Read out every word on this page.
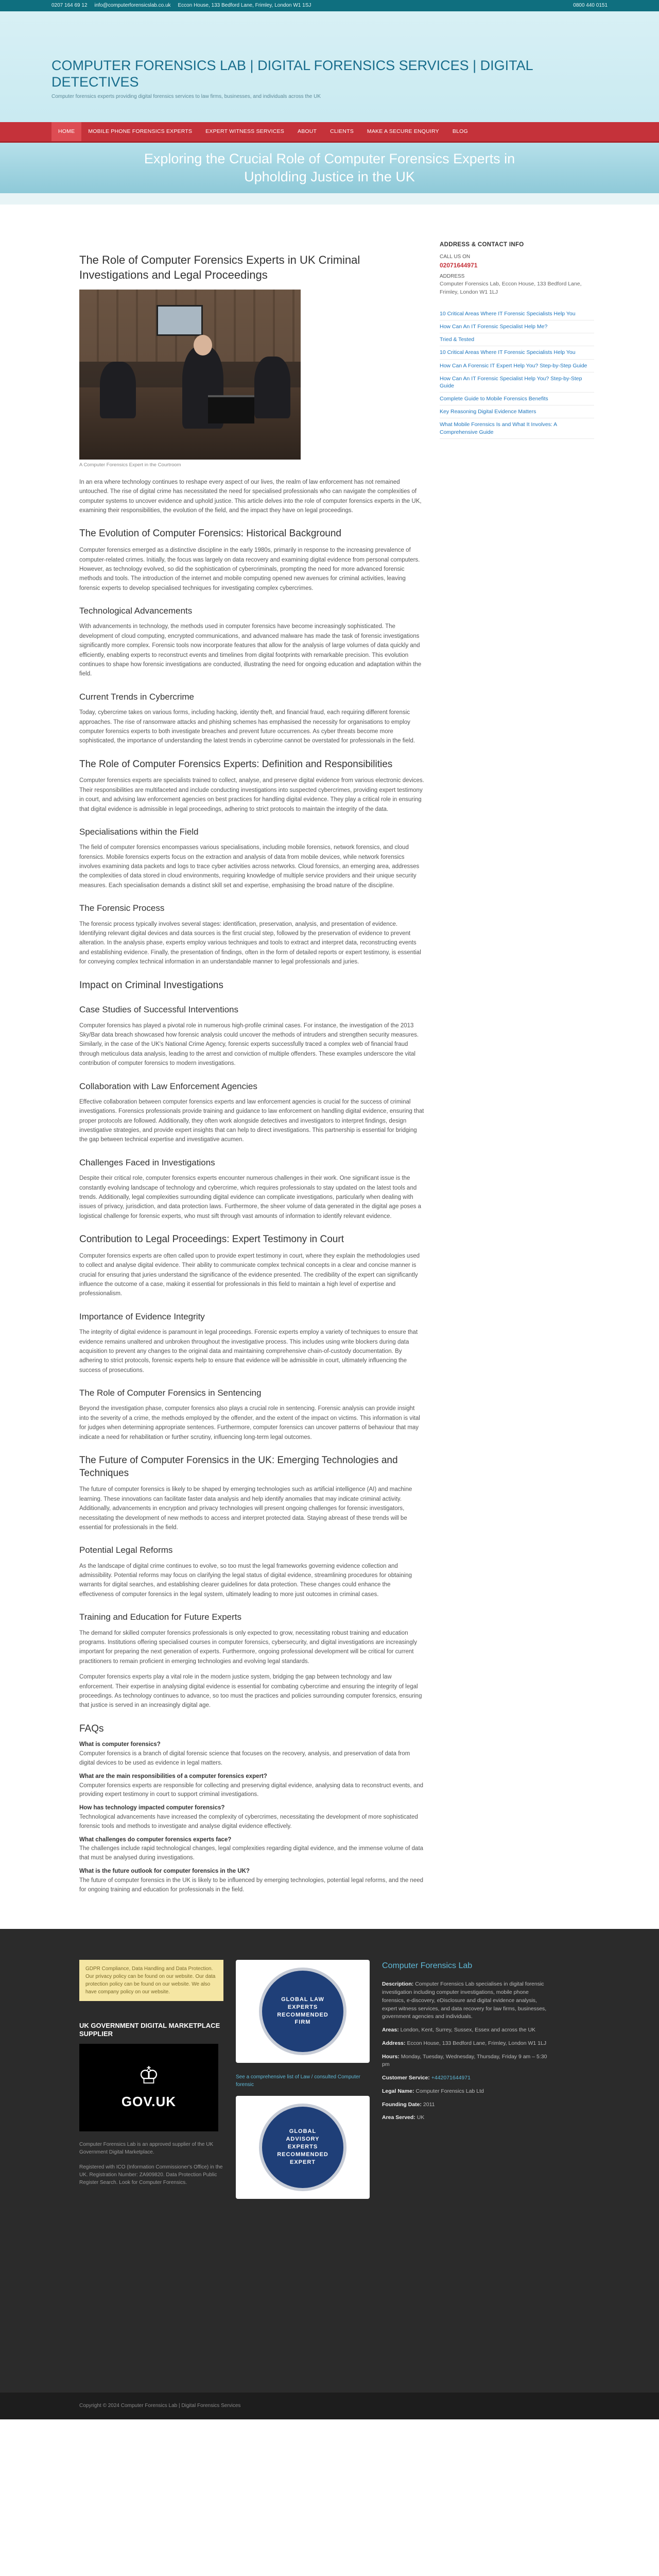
0207 164 69 12 info@computerforensicslab.co.uk Eccon House, 133 Bedford Lane, Frimley, London W1 1SJ	0800 440 0151
COMPUTER FORENSICS LAB | DIGITAL FORENSICS SERVICES | DIGITAL DETECTIVES
Computer forensics experts providing digital forensics services to law firms, businesses, and individuals across the UK
HOME	MOBILE PHONE FORENSICS EXPERTS	EXPERT WITNESS SERVICES	ABOUT	CLIENTS	MAKE A SECURE ENQUIRY	BLOG
Exploring the Crucial Role of Computer Forensics Experts in Upholding Justice in the UK
The Role of Computer Forensics Experts in UK Criminal Investigations and Legal Proceedings
A Computer Forensics Expert in the Courtroom

In an era where technology continues to reshape every aspect of our lives, the realm of law enforcement has not remained untouched. The rise of digital crime has necessitated the need for specialised professionals who can navigate the complexities of computer systems to uncover evidence and uphold justice. This article delves into the role of computer forensics experts in the UK, examining their responsibilities, the evolution of the field, and the impact they have on legal proceedings.

The Evolution of Computer Forensics: Historical Background

Computer forensics emerged as a distinctive discipline in the early 1980s, primarily in response to the increasing prevalence of computer-related crimes. Initially, the focus was largely on data recovery and examining digital evidence from personal computers. However, as technology evolved, so did the sophistication of cybercriminals, prompting the need for more advanced forensic methods and tools. The introduction of the internet and mobile computing opened new avenues for criminal activities, leaving forensic experts to develop specialised techniques for investigating complex cybercrimes.

Technological Advancements

With advancements in technology, the methods used in computer forensics have become increasingly sophisticated. The development of cloud computing, encrypted communications, and advanced malware has made the task of forensic investigations significantly more complex. Forensic tools now incorporate features that allow for the analysis of large volumes of data quickly and efficiently, enabling experts to reconstruct events and timelines from digital footprints with remarkable precision. This evolution continues to shape how forensic investigations are conducted, illustrating the need for ongoing education and adaptation within the field.

Current Trends in Cybercrime

Today, cybercrime takes on various forms, including hacking, identity theft, and financial fraud, each requiring different forensic approaches. The rise of ransomware attacks and phishing schemes has emphasised the necessity for organisations to employ computer forensics experts to both investigate breaches and prevent future occurrences. As cyber threats become more sophisticated, the importance of understanding the latest trends in cybercrime cannot be overstated for professionals in the field.

The Role of Computer Forensics Experts: Definition and Responsibilities

Computer forensics experts are specialists trained to collect, analyse, and preserve digital evidence from various electronic devices. Their responsibilities are multifaceted and include conducting investigations into suspected cybercrimes, providing expert testimony in court, and advising law enforcement agencies on best practices for handling digital evidence. They play a critical role in ensuring that digital evidence is admissible in legal proceedings, adhering to strict protocols to maintain the integrity of the data.

Specialisations within the Field

The field of computer forensics encompasses various specialisations, including mobile forensics, network forensics, and cloud forensics. Mobile forensics experts focus on the extraction and analysis of data from mobile devices, while network forensics involves examining data packets and logs to trace cyber activities across networks. Cloud forensics, an emerging area, addresses the complexities of data stored in cloud environments, requiring knowledge of multiple service providers and their unique security measures. Each specialisation demands a distinct skill set and expertise, emphasising the broad nature of the discipline.

The Forensic Process

The forensic process typically involves several stages: identification, preservation, analysis, and presentation of evidence. Identifying relevant digital devices and data sources is the first crucial step, followed by the preservation of evidence to prevent alteration. In the analysis phase, experts employ various techniques and tools to extract and interpret data, reconstructing events and establishing evidence. Finally, the presentation of findings, often in the form of detailed reports or expert testimony, is essential for conveying complex technical information in an understandable manner to legal professionals and juries.

Impact on Criminal Investigations
Case Studies of Successful Interventions

Computer forensics has played a pivotal role in numerous high-profile criminal cases. For instance, the investigation of the 2013 Sky/Bar data breach showcased how forensic analysis could uncover the methods of intruders and strengthen security measures. Similarly, in the case of the UK's National Crime Agency, forensic experts successfully traced a complex web of financial fraud through meticulous data analysis, leading to the arrest and conviction of multiple offenders. These examples underscore the vital contribution of computer forensics to modern investigations.

Collaboration with Law Enforcement Agencies

Effective collaboration between computer forensics experts and law enforcement agencies is crucial for the success of criminal investigations. Forensics professionals provide training and guidance to law enforcement on handling digital evidence, ensuring that proper protocols are followed. Additionally, they often work alongside detectives and investigators to interpret findings, design investigative strategies, and provide expert insights that can help to direct investigations. This partnership is essential for bridging the gap between technical expertise and investigative acumen.

Challenges Faced in Investigations

Despite their critical role, computer forensics experts encounter numerous challenges in their work. One significant issue is the constantly evolving landscape of technology and cybercrime, which requires professionals to stay updated on the latest tools and trends. Additionally, legal complexities surrounding digital evidence can complicate investigations, particularly when dealing with issues of privacy, jurisdiction, and data protection laws. Furthermore, the sheer volume of data generated in the digital age poses a logistical challenge for forensic experts, who must sift through vast amounts of information to identify relevant evidence.

Contribution to Legal Proceedings: Expert Testimony in Court

Computer forensics experts are often called upon to provide expert testimony in court, where they explain the methodologies used to collect and analyse digital evidence. Their ability to communicate complex technical concepts in a clear and concise manner is crucial for ensuring that juries understand the significance of the evidence presented. The credibility of the expert can significantly influence the outcome of a case, making it essential for professionals in this field to maintain a high level of expertise and professionalism.

Importance of Evidence Integrity

The integrity of digital evidence is paramount in legal proceedings. Forensic experts employ a variety of techniques to ensure that evidence remains unaltered and unbroken throughout the investigative process. This includes using write blockers during data acquisition to prevent any changes to the original data and maintaining comprehensive chain-of-custody documentation. By adhering to strict protocols, forensic experts help to ensure that evidence will be admissible in court, ultimately influencing the success of prosecutions.

The Role of Computer Forensics in Sentencing

Beyond the investigation phase, computer forensics also plays a crucial role in sentencing. Forensic analysis can provide insight into the severity of a crime, the methods employed by the offender, and the extent of the impact on victims. This information is vital for judges when determining appropriate sentences. Furthermore, computer forensics can uncover patterns of behaviour that may indicate a need for rehabilitation or further scrutiny, influencing long-term legal outcomes.

The Future of Computer Forensics in the UK: Emerging Technologies and Techniques

The future of computer forensics is likely to be shaped by emerging technologies such as artificial intelligence (AI) and machine learning. These innovations can facilitate faster data analysis and help identify anomalies that may indicate criminal activity. Additionally, advancements in encryption and privacy technologies will present ongoing challenges for forensic investigators, necessitating the development of new methods to access and interpret protected data. Staying abreast of these trends will be essential for professionals in the field.

Potential Legal Reforms

As the landscape of digital crime continues to evolve, so too must the legal frameworks governing evidence collection and admissibility. Potential reforms may focus on clarifying the legal status of digital evidence, streamlining procedures for obtaining warrants for digital searches, and establishing clearer guidelines for data protection. These changes could enhance the effectiveness of computer forensics in the legal system, ultimately leading to more just outcomes in criminal cases.

Training and Education for Future Experts

The demand for skilled computer forensics professionals is only expected to grow, necessitating robust training and education programs. Institutions offering specialised courses in computer forensics, cybersecurity, and digital investigations are increasingly important for preparing the next generation of experts. Furthermore, ongoing professional development will be critical for current practitioners to remain proficient in emerging technologies and evolving legal standards.

Computer forensics experts play a vital role in the modern justice system, bridging the gap between technology and law enforcement. Their expertise in analysing digital evidence is essential for combating cybercrime and ensuring the integrity of legal proceedings. As technology continues to advance, so too must the practices and policies surrounding computer forensics, ensuring that justice is served in an increasingly digital age.

FAQs
What is computer forensics?
Computer forensics is a branch of digital forensic science that focuses on the recovery, analysis, and preservation of data from digital devices to be used as evidence in legal matters.
What are the main responsibilities of a computer forensics expert?
Computer forensics experts are responsible for collecting and preserving digital evidence, analysing data to reconstruct events, and providing expert testimony in court to support criminal investigations.
How has technology impacted computer forensics?
Technological advancements have increased the complexity of cybercrimes, necessitating the development of more sophisticated forensic tools and methods to investigate and analyse digital evidence effectively.
What challenges do computer forensics experts face?
The challenges include rapid technological changes, legal complexities regarding digital evidence, and the immense volume of data that must be analysed during investigations.
What is the future outlook for computer forensics in the UK?
The future of computer forensics in the UK is likely to be influenced by emerging technologies, potential legal reforms, and the need for ongoing training and education for professionals in the field.
ADDRESS & CONTACT INFO
CALL US ON
02071644971
ADDRESS
Computer Forensics Lab, Eccon House, 133 Bedford Lane, Frimley, London W1 1LJ
10 Critical Areas Where IT Forensic Specialists Help You
How Can An IT Forensic Specialist Help Me?
Tried & Tested
10 Critical Areas Where IT Forensic Specialists Help You
How Can A Forensic IT Expert Help You? Step-by-Step Guide
How Can An IT Forensic Specialist Help You? Step-by-Step Guide
Complete Guide to Mobile Forensics Benefits
Key Reasoning Digital Evidence Matters
What Mobile Forensics Is and What It Involves: A Comprehensive Guide
GDPR Compliance, Data Handling and Data Protection. Our privacy policy can be found on our website. Our data protection policy can be found on our website. We also have company policy on our website.
UK GOVERNMENT DIGITAL MARKETPLACE SUPPLIER
♔
GOV.UK
Computer Forensics Lab is an approved supplier of the UK Government Digital Marketplace.
Registered with ICO (Information Commissioner's Office) in the UK. Registration Number: ZA909820. Data Protection Public Register Search. Look for Computer Forensics.
GLOBAL LAW EXPERTS RECOMMENDED FIRM
See a comprehensive list of Law / consulted Computer forensic
GLOBAL ADVISORY EXPERTS RECOMMENDED EXPERT
Computer Forensics Lab
Description: Computer Forensics Lab specialises in digital forensic investigation including computer investigations, mobile phone forensics, e-discovery, eDisclosure and digital evidence analysis, expert witness services, and data recovery for law firms, businesses, government agencies and individuals.
Areas: London, Kent, Surrey, Sussex, Essex and across the UK
Address: Eccon House, 133 Bedford Lane, Frimley, London W1 1LJ
Hours: Monday, Tuesday, Wednesday, Thursday, Friday 9 am – 5:30 pm
Customer Service: +442071644971
Legal Name: Computer Forensics Lab Ltd
Founding Date: 2011
Area Served: UK
Copyright © 2024 Computer Forensics Lab | Digital Forensics Services
